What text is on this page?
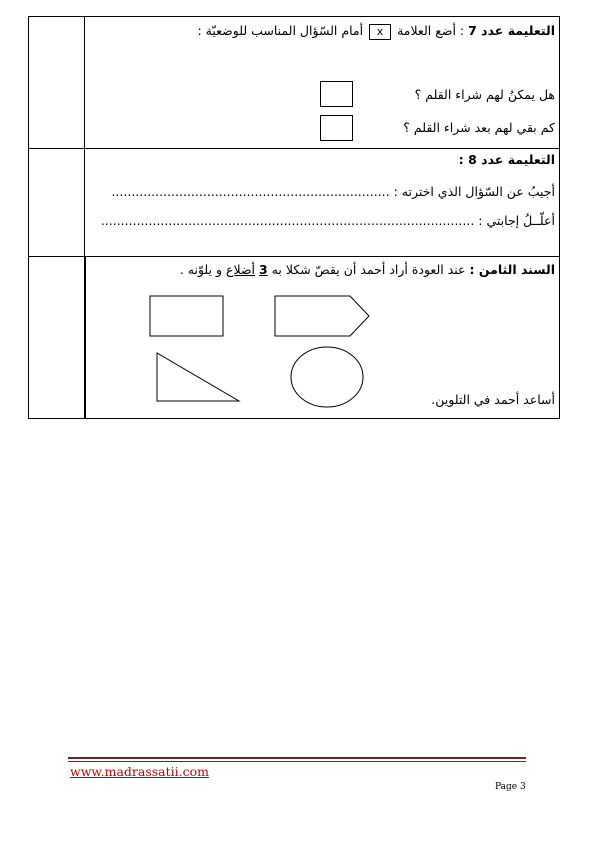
	التعليمة عدد 7 : أضع العلامةxأمام السّؤال المناسب للوضعيّة :
هل يمكنُ لهم شراء القلم ؟
كم بقي لهم بعد شراء القلم ؟

	التعليمة عدد 8 :
أجيبُ عن السّؤال الذي اخترته : ......................................................................
أعلّــلُ إجابتي : ..............................................................................................

	السند الثامن : عند العودة أراد أحمد أن يقصّ شكلا به 3 أضلاع و يلوّنه .
أساعد أحمد في التلوين.
www.madrassatii.com
Page 3
